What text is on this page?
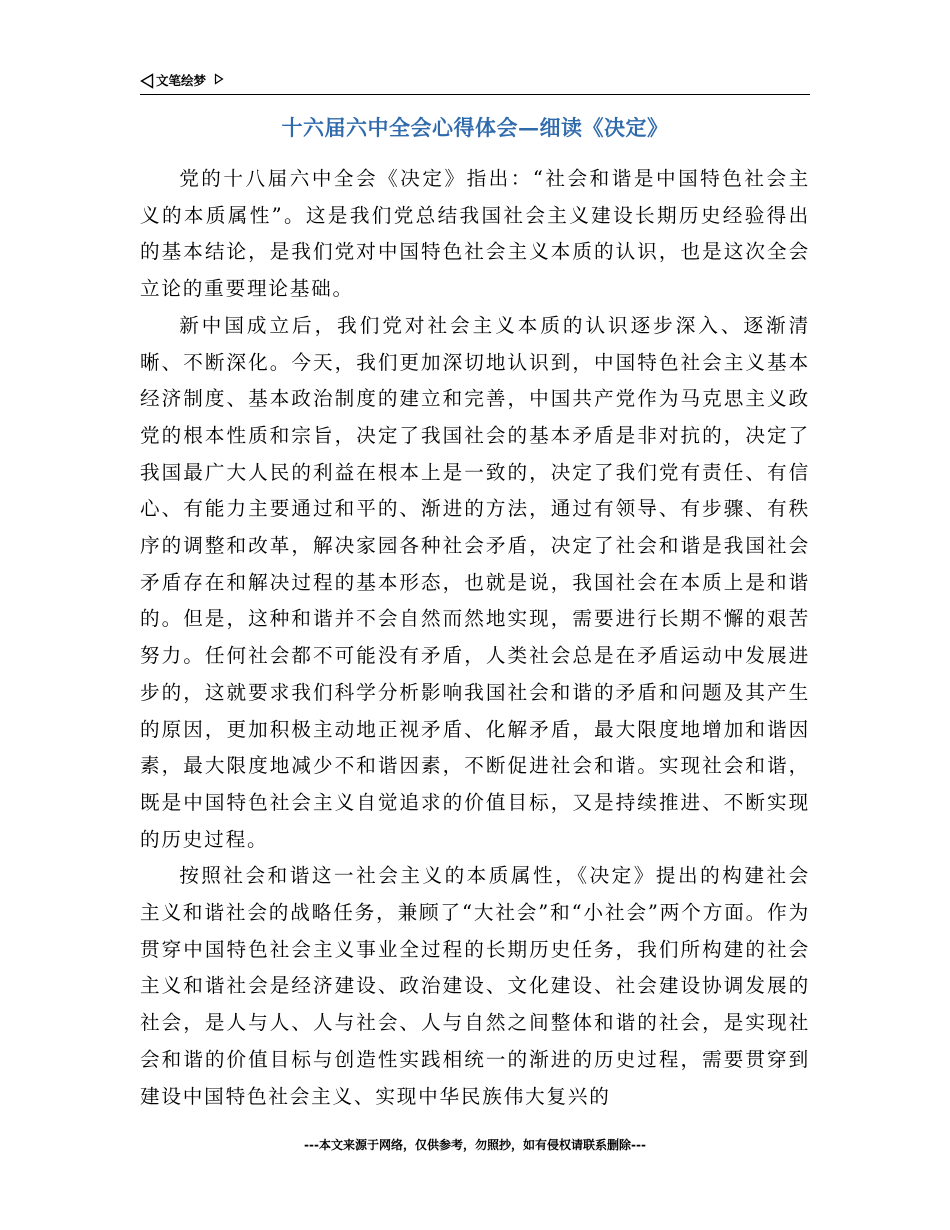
文笔绘梦
十六届六中全会心得体会—细读《决定》

党的十八届六中全会《决定》指出：“社会和谐是中国特色社会主义的本质属性”。这是我们党总结我国社会主义建设长期历史经验得出的基本结论，是我们党对中国特色社会主义本质的认识，也是这次全会立论的重要理论基础。

新中国成立后，我们党对社会主义本质的认识逐步深入、逐渐清晰、不断深化。今天，我们更加深切地认识到，中国特色社会主义基本经济制度、基本政治制度的建立和完善，中国共产党作为马克思主义政党的根本性质和宗旨，决定了我国社会的基本矛盾是非对抗的，决定了我国最广大人民的利益在根本上是一致的，决定了我们党有责任、有信心、有能力主要通过和平的、渐进的方法，通过有领导、有步骤、有秩序的调整和改革，解决家园各种社会矛盾，决定了社会和谐是我国社会矛盾存在和解决过程的基本形态，也就是说，我国社会在本质上是和谐的。但是，这种和谐并不会自然而然地实现，需要进行长期不懈的艰苦努力。任何社会都不可能没有矛盾，人类社会总是在矛盾运动中发展进步的，这就要求我们科学分析影响我国社会和谐的矛盾和问题及其产生的原因，更加积极主动地正视矛盾、化解矛盾，最大限度地增加和谐因素，最大限度地减少不和谐因素，不断促进社会和谐。实现社会和谐，既是中国特色社会主义自觉追求的价值目标，又是持续推进、不断实现的历史过程。

按照社会和谐这一社会主义的本质属性，《决定》提出的构建社会主义和谐社会的战略任务，兼顾了“大社会”和“小社会”两个方面。作为贯穿中国特色社会主义事业全过程的长期历史任务，我们所构建的社会主义和谐社会是经济建设、政治建设、文化建设、社会建设协调发展的社会，是人与人、人与社会、人与自然之间整体和谐的社会，是实现社会和谐的价值目标与创造性实践相统一的渐进的历史过程，需要贯穿到建设中国特色社会主义、实现中华民族伟大复兴的

---本文来源于网络，仅供参考，勿照抄，如有侵权请联系删除---
